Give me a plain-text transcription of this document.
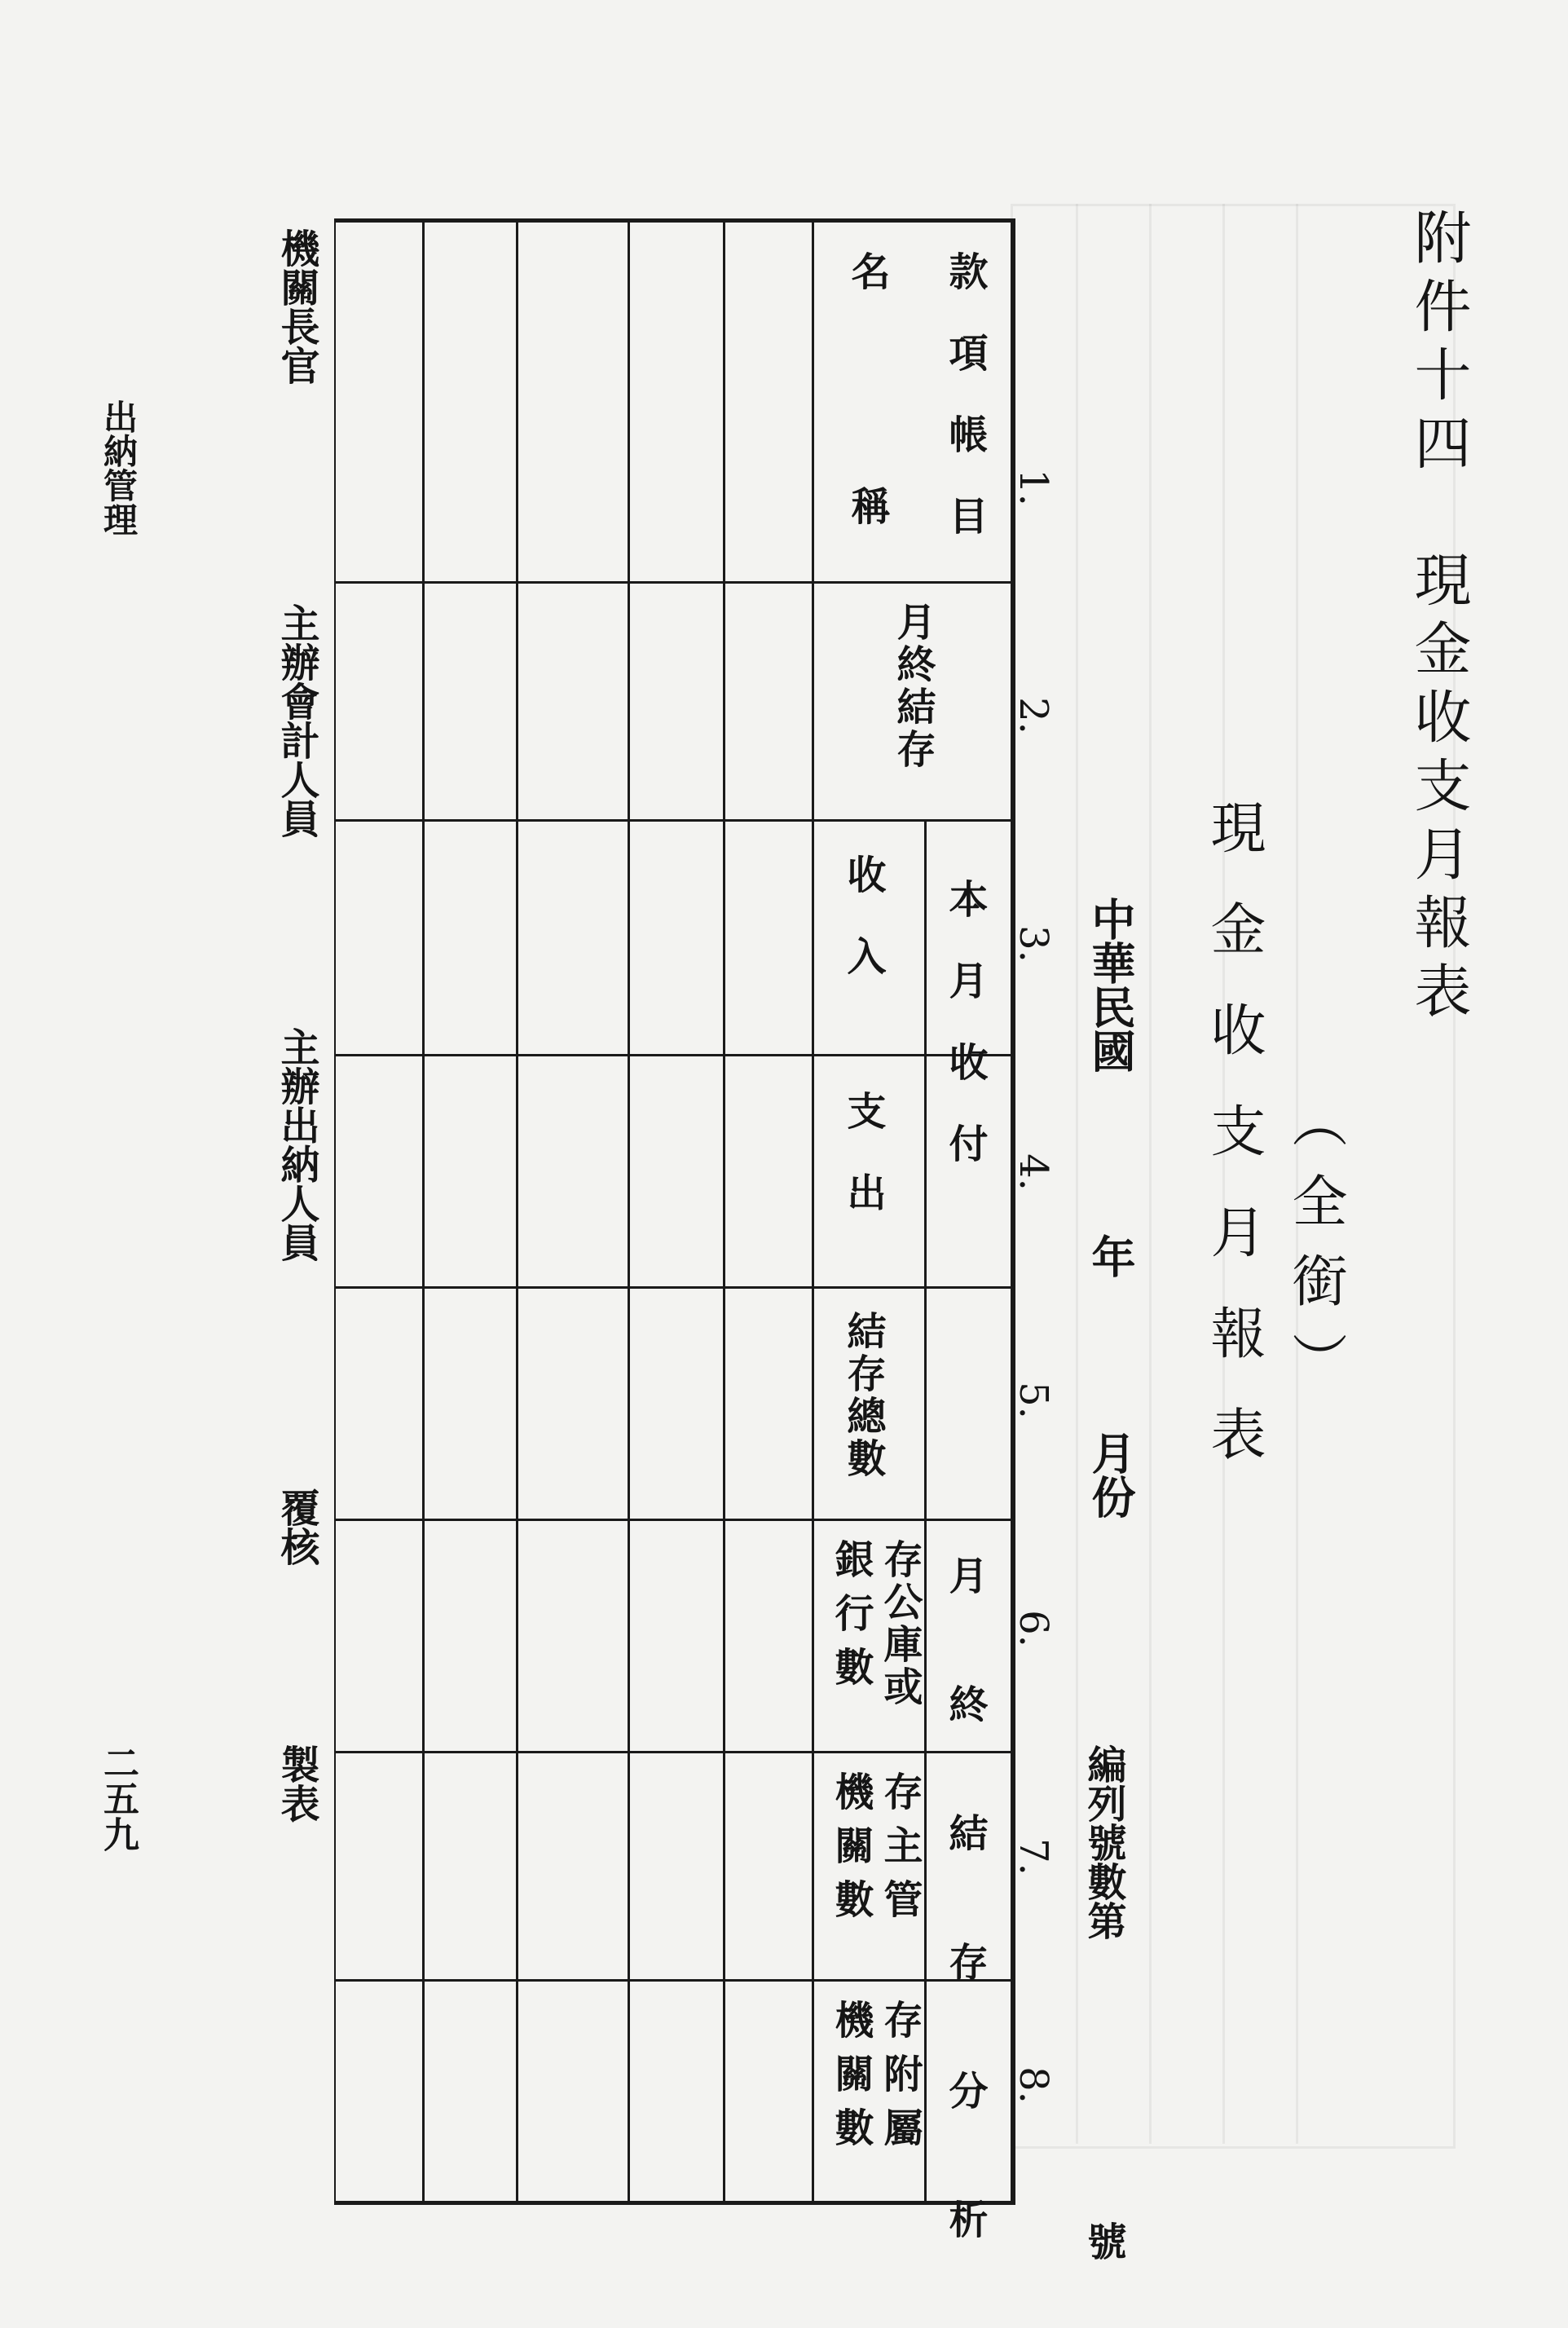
附件十四　現金收支月報表
（全銜）
現金收支月報表
中華民國  年  月份
編列號數第
號
1.
2.
3.
4.
5.
6.
7.
8.
款項帳目
名稱 月終結存
本月收付
收入
支出
月終結存分析
結存總數
存公庫或
銀行數
存主管
機關數
存附屬
機關數
機關長官
主辦會計人員
主辦出納人員
覆核
製表
出納管理
二五九
